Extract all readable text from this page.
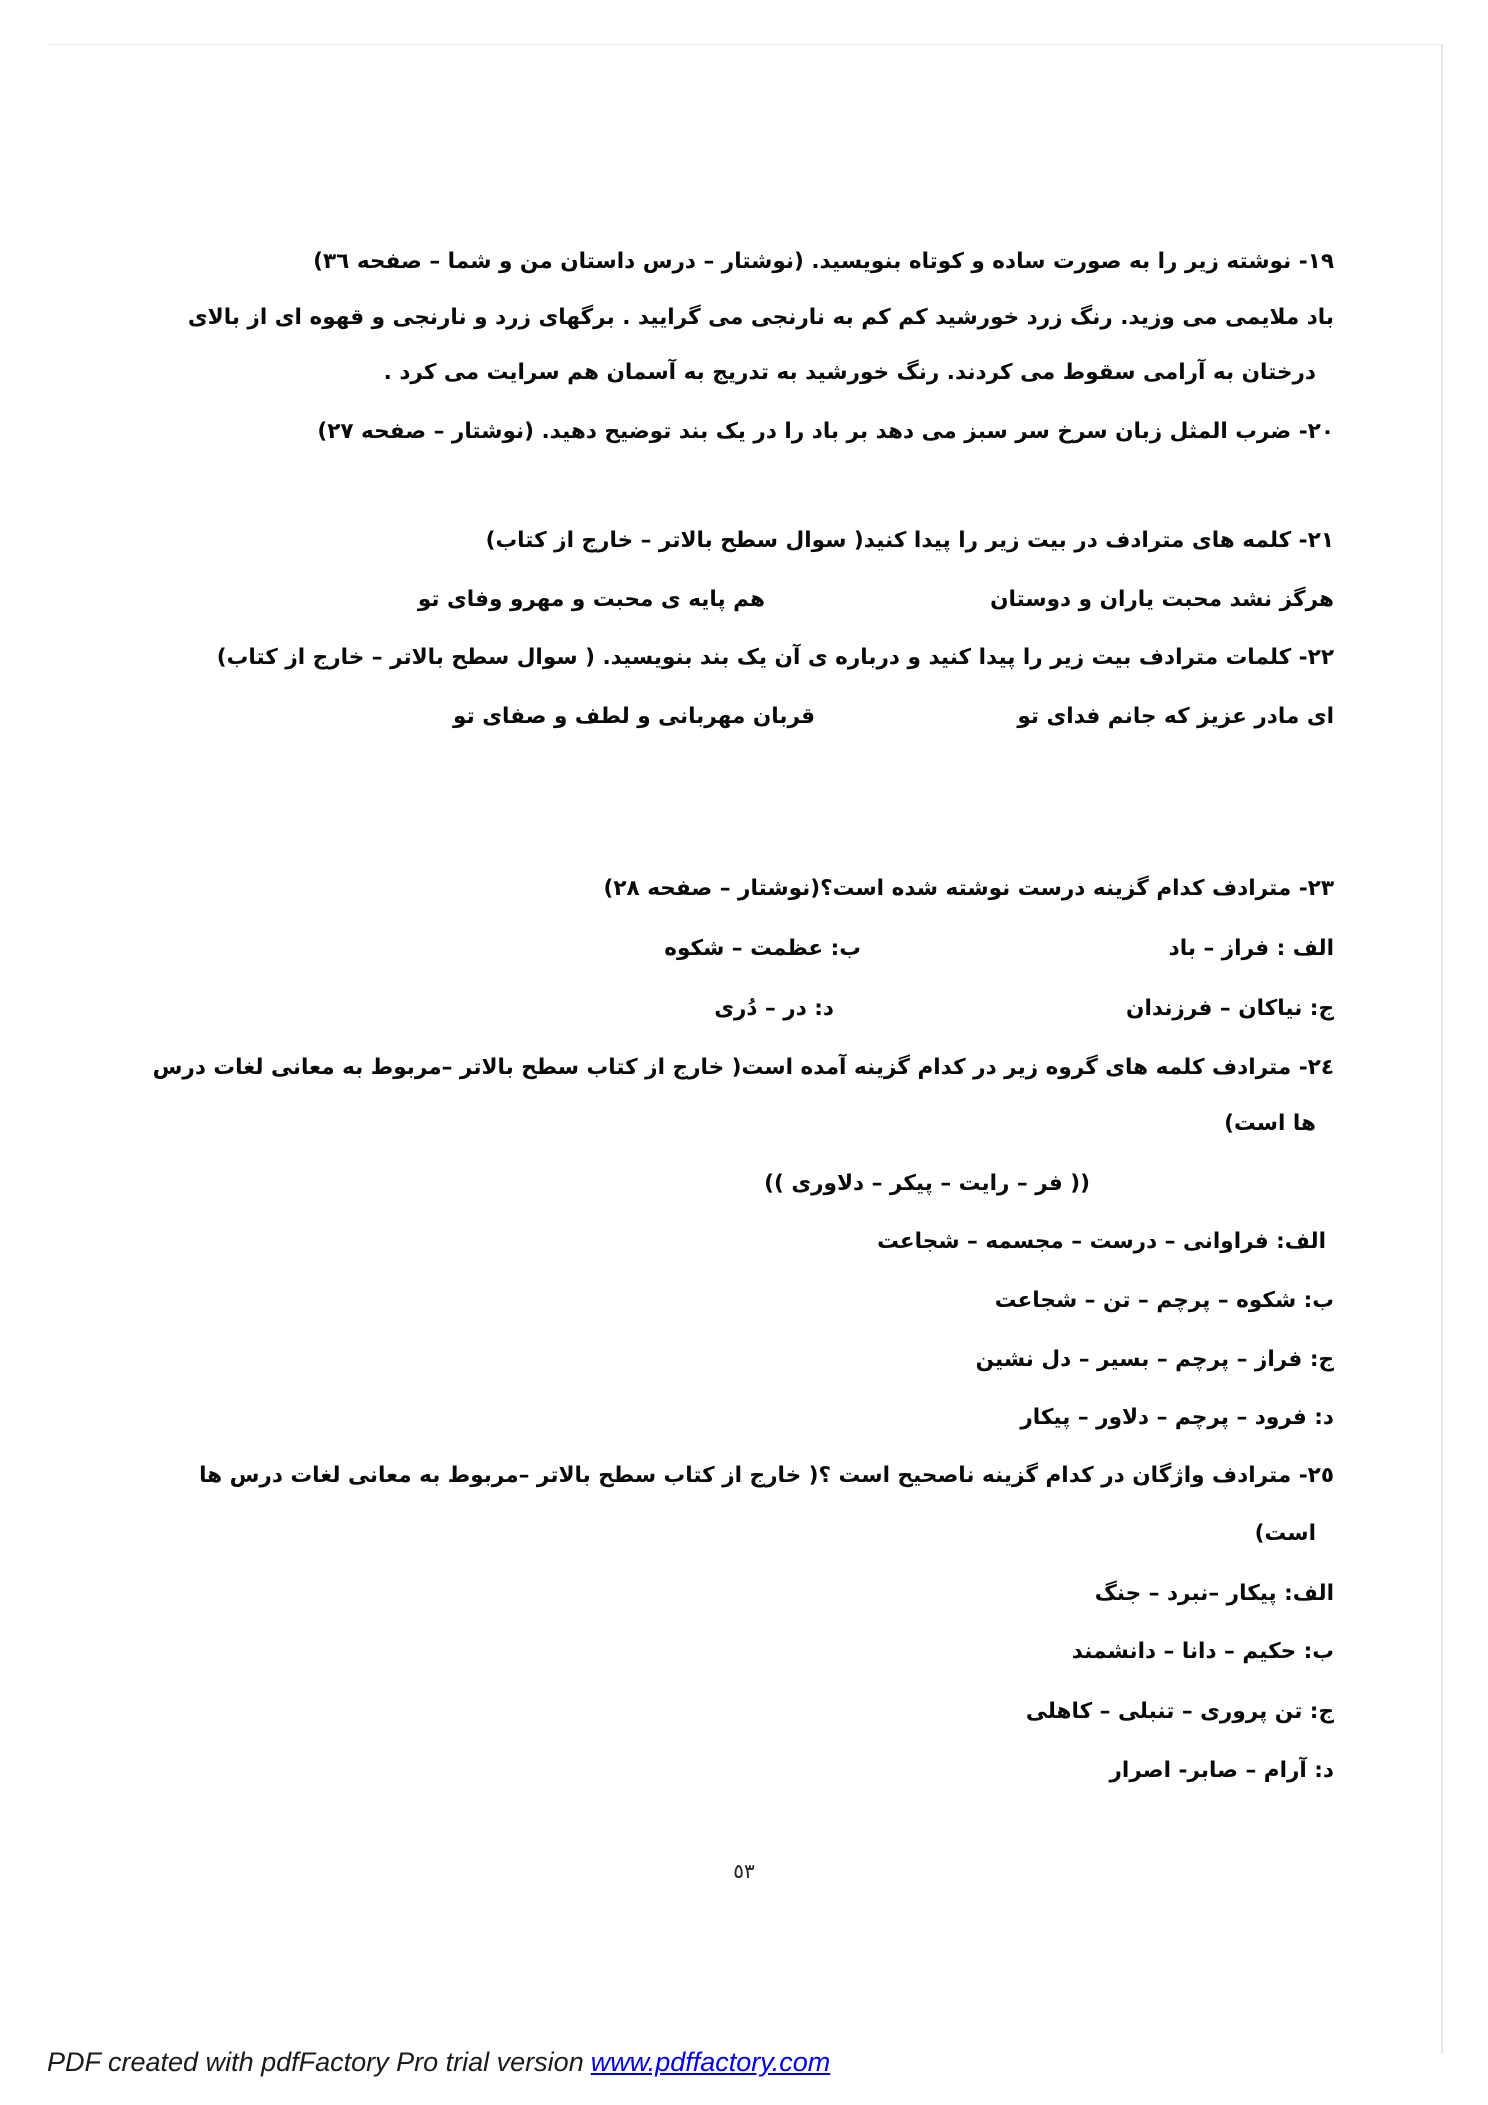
١٩- نوشته زیر را به صورت ساده و کوتاه بنویسید. (نوشتار – درس داستان من و شما – صفحه ٣٦)
باد ملایمی می وزید. رنگ زرد خورشید کم کم به نارنجی می گرایید . برگهای زرد و نارنجی و قهوه ای از بالای
درختان به آرامی سقوط می کردند. رنگ خورشید به تدریج به آسمان هم سرایت می کرد .
٢٠- ضرب المثل زبان سرخ سر سبز می دهد بر باد را در یک بند توضیح دهید. (نوشتار – صفحه ٢٧)
٢١- کلمه های مترادف در بیت زیر را پیدا کنید( سوال سطح بالاتر – خارج از کتاب)
هرگز نشد محبت یاران و دوستان
هم پایه ی محبت و مهرو وفای تو
٢٢- کلمات مترادف بیت زیر را پیدا کنید و درباره ی آن یک بند بنویسید. ( سوال سطح بالاتر – خارج از کتاب)
ای مادر عزیز که جانم فدای تو
قربان مهربانی و لطف و صفای تو
٢٣- مترادف کدام گزینه درست نوشته شده است؟(نوشتار – صفحه ٢٨)
الف : فراز – باد
ب: عظمت – شکوه
ج: نیاکان – فرزندان
د: در – دُری
٢٤- مترادف کلمه های گروه زیر در کدام گزینه آمده است( خارج از کتاب سطح بالاتر –مربوط به معانی لغات درس
ها است)
(( فر – رایت – پیکر – دلاوری ))
الف: فراوانی – درست – مجسمه – شجاعت
ب: شکوه – پرچم – تن – شجاعت
ج: فراز – پرچم – بسیر – دل نشین
د: فرود – پرچم – دلاور – پیکار
٢٥- مترادف واژگان در کدام گزینه ناصحیح است ؟( خارج از کتاب سطح بالاتر –مربوط به معانی لغات درس ها
است)
الف: پیکار –نبرد – جنگ
ب: حکیم – دانا – دانشمند
ج: تن پروری – تنبلی – کاهلی
د: آرام – صابر- اصرار
٥٣
PDF created with pdfFactory Pro trial version www.pdffactory.com
